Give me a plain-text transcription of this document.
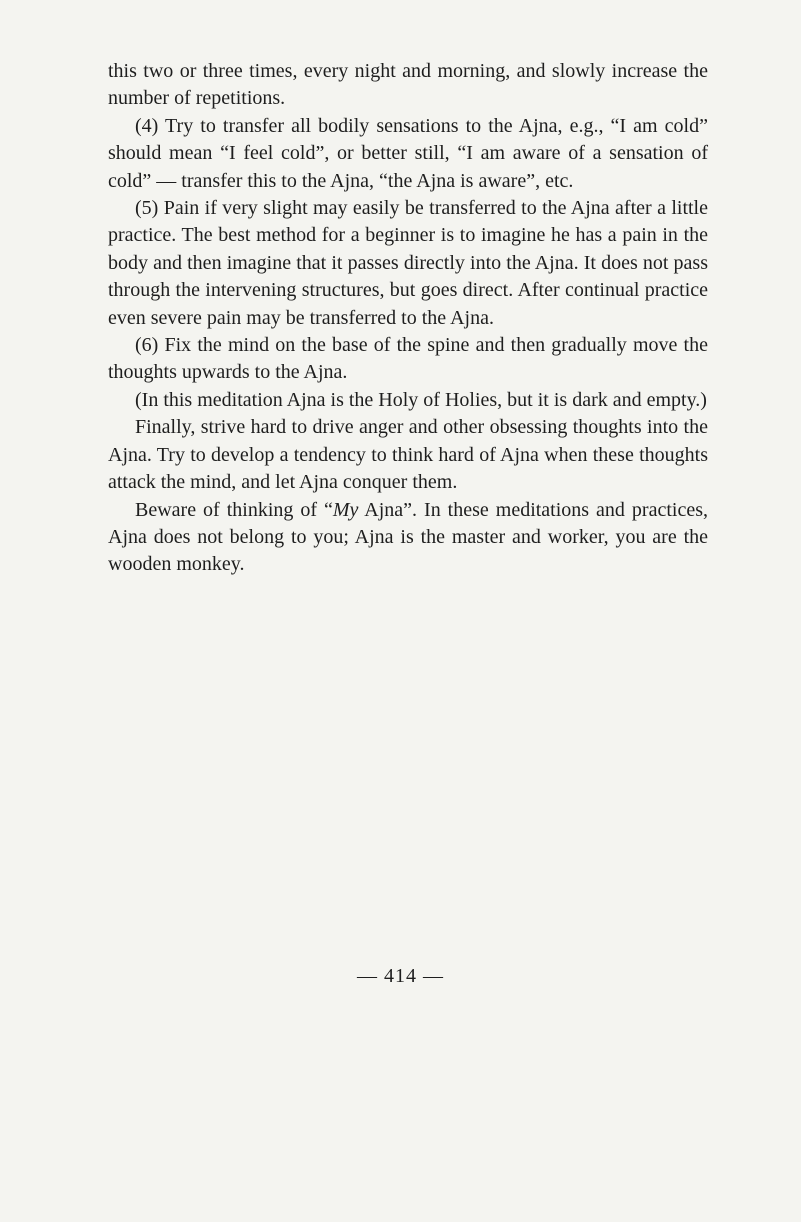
this two or three times, every night and morning, and slowly increase the number of repetitions.

(4) Try to transfer all bodily sensations to the Ajna, e.g., “I am cold” should mean “I feel cold”, or better still, “I am aware of a sensation of cold” — transfer this to the Ajna, “the Ajna is aware”, etc.

(5) Pain if very slight may easily be transferred to the Ajna after a little practice. The best method for a beginner is to imagine he has a pain in the body and then imagine that it passes directly into the Ajna. It does not pass through the intervening structures, but goes direct. After continual practice even severe pain may be transferred to the Ajna.

(6) Fix the mind on the base of the spine and then gradually move the thoughts upwards to the Ajna.

(In this meditation Ajna is the Holy of Holies, but it is dark and empty.)

Finally, strive hard to drive anger and other obsessing thoughts into the Ajna. Try to develop a tendency to think hard of Ajna when these thoughts attack the mind, and let Ajna conquer them.

Beware of thinking of “My Ajna”. In these meditations and practices, Ajna does not belong to you; Ajna is the master and worker, you are the wooden monkey.

— 414 —
